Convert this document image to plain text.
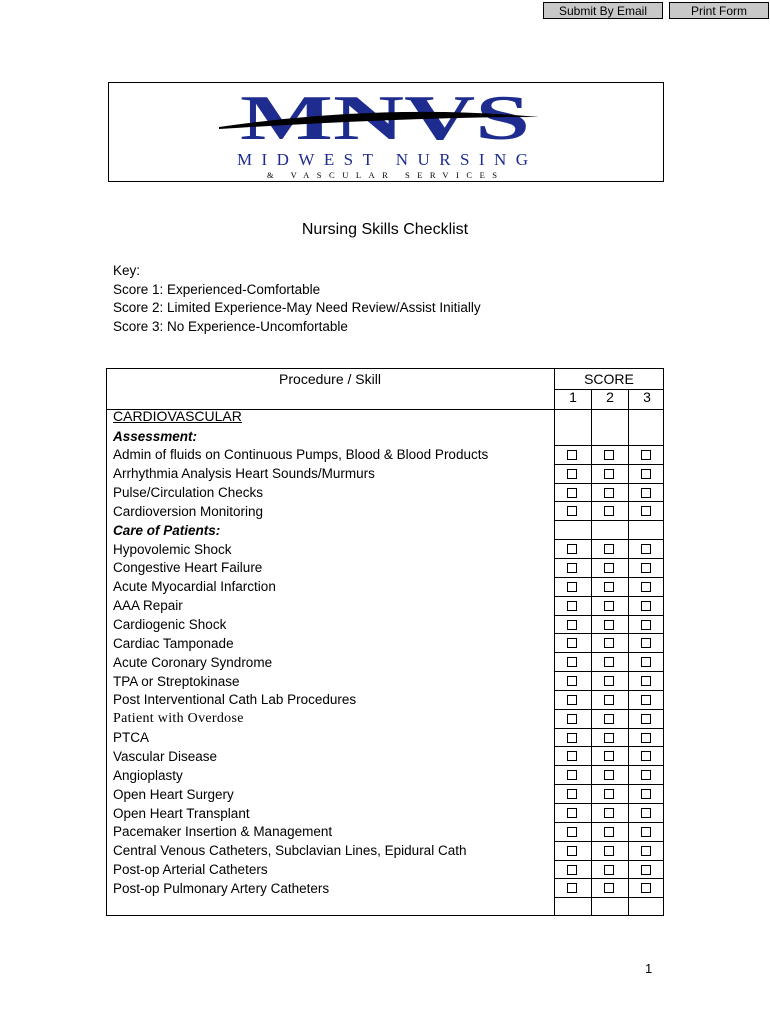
Submit By Email	Print Form
MNVS
MIDWEST NURSING
& VASCULAR SERVICES
Nursing Skills Checklist
Key:
Score 1: Experienced-Comfortable
Score 2: Limited Experience-May Need Review/Assist Initially
Score 3: No Experience-Uncomfortable
Procedure / Skill	SCORE
1	2	3
CARDIOVASCULAR
Assessment:
Admin of fluids on Continuous Pumps, Blood & Blood Products
Arrhythmia Analysis Heart Sounds/Murmurs
Pulse/Circulation Checks
Cardioversion Monitoring
Care of Patients:
Hypovolemic Shock
Congestive Heart Failure
Acute Myocardial Infarction
AAA Repair
Cardiogenic Shock
Cardiac Tamponade
Acute Coronary Syndrome
TPA or Streptokinase
Post Interventional Cath Lab Procedures
Patient with Overdose
PTCA
Vascular Disease
Angioplasty
Open Heart Surgery
Open Heart Transplant
Pacemaker Insertion & Management
Central Venous Catheters, Subclavian Lines, Epidural Cath
Post-op Arterial Catheters
Post-op Pulmonary Artery Catheters
1
